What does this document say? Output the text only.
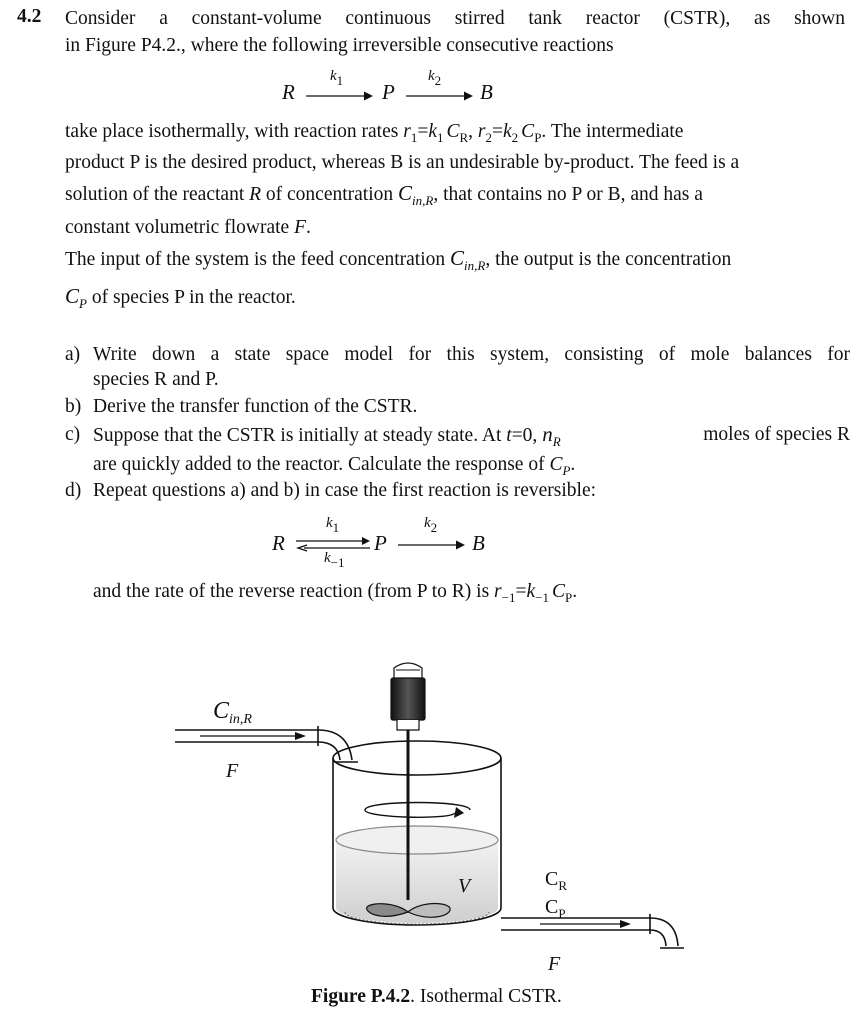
4.2 Consider a constant-volume continuous stirred tank reactor (CSTR), as shown
in Figure P4.2., where the following irreversible consecutive reactions
R
$k_1$ P
$k_2$ B
take place isothermally, with reaction rates $r_1=k_1$ $C_R$, $r_2=k_2$ $C_P$. The intermediate
product P is the desired product, whereas B is an undesirable by-product. The feed is a
solution of the reactant R of concentration $C_{in,R}$, that contains no P or B, and has a
constant volumetric flowrate F.
The input of the system is the feed concentration $C_{in,R}$, the output is the concentration
$C_P$ of species P in the reactor.
a) Write down a state space model for this system, consisting of mole balances for
species R and P.
b) Derive the transfer function of the CSTR.
c) Suppose that the CSTR is initially at steady state. At t=0, $n_R$	moles of species R
are quickly added to the reactor. Calculate the response of $C_P$.
d) Repeat questions a) and b) in case the first reaction is reversible:
R
$k_1$
$k_{-1}$
P
$k_2$
B
and the rate of the reverse reaction (from P to R) is $r_{-1}=k_{-1}$ $C_P$.
$C_{in,R}$
F
V	$C_R$
$C_P$
F
Figure P.4.2. Isothermal CSTR.
